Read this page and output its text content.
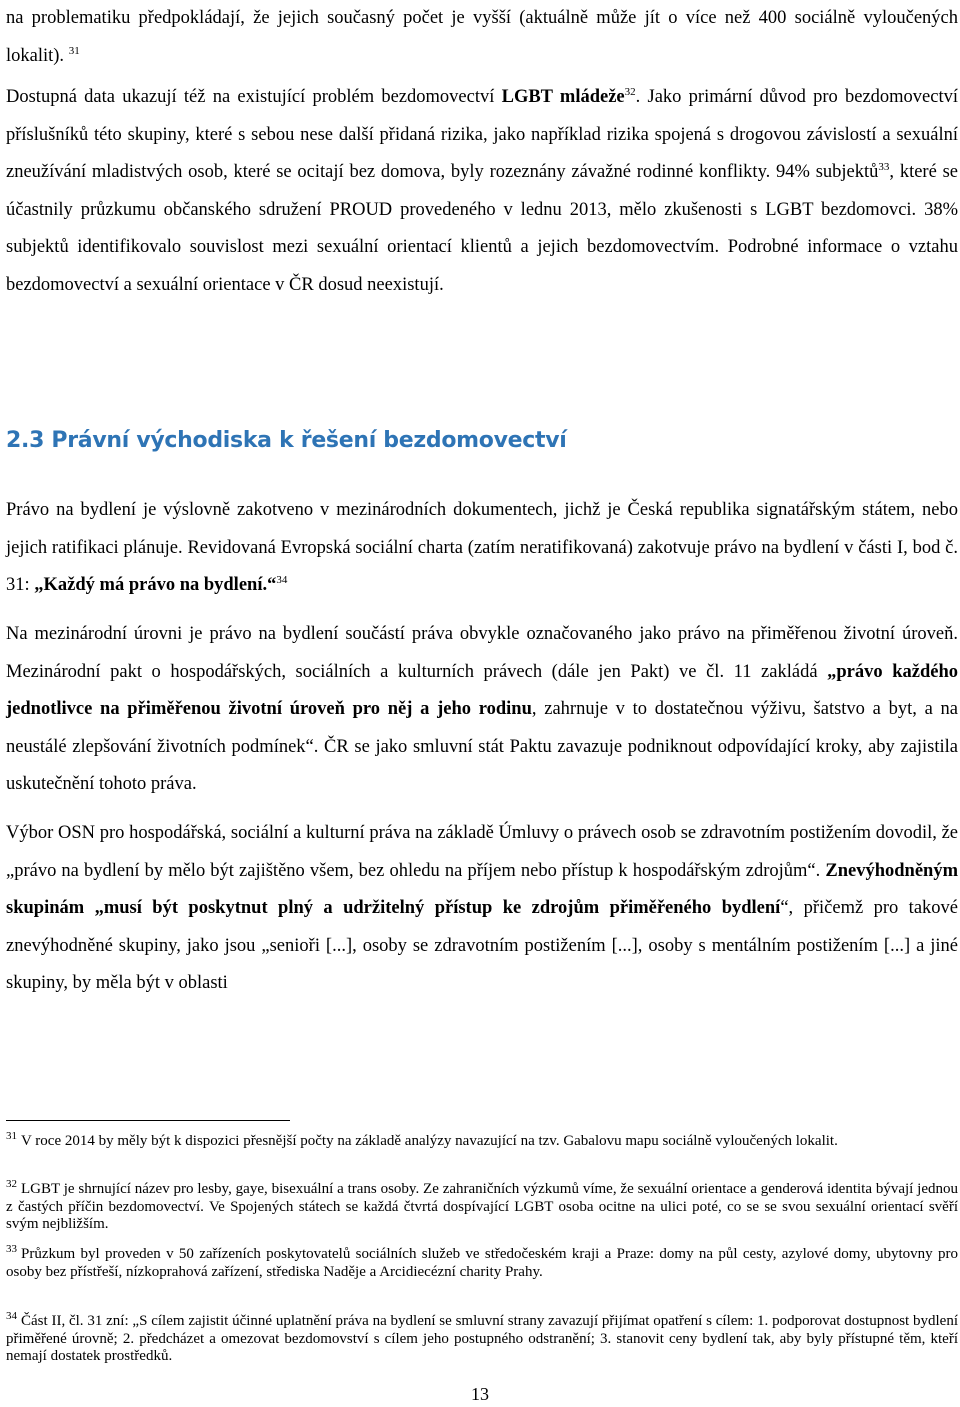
na problematiku předpokládají, že jejich současný počet je vyšší (aktuálně může jít o více než 400 sociálně vyloučených lokalit). $^{31}$

Dostupná data ukazují též na existující problém bezdomovectví LGBT mládeže$^{32}$. Jako primární důvod pro bezdomovectví příslušníků této skupiny, které s sebou nese další přidaná rizika, jako například rizika spojená s drogovou závislostí a sexuální zneužívání mladistvých osob, které se ocitají bez domova, byly rozeznány závažné rodinné konflikty. 94% subjektů$^{33}$, které se účastnily průzkumu občanského sdružení PROUD provedeného v lednu 2013, mělo zkušenosti s LGBT bezdomovci. 38% subjektů identifikovalo souvislost mezi sexuální orientací klientů a jejich bezdomovectvím. Podrobné informace o vztahu bezdomovectví a sexuální orientace v ČR dosud neexistují.

2.3 Právní východiska k řešení bezdomovectví

Právo na bydlení je výslovně zakotveno v mezinárodních dokumentech, jichž je Česká republika signatářským státem, nebo jejich ratifikaci plánuje. Revidovaná Evropská sociální charta (zatím neratifikovaná) zakotvuje právo na bydlení v části I, bod č. 31: „Každý má právo na bydlení.“$^{34}$

Na mezinárodní úrovni je právo na bydlení součástí práva obvykle označovaného jako právo na přiměřenou životní úroveň. Mezinárodní pakt o hospodářských, sociálních a kulturních právech (dále jen Pakt) ve čl. 11 zakládá „právo každého jednotlivce na přiměřenou životní úroveň pro něj a jeho rodinu, zahrnuje v to dostatečnou výživu, šatstvo a byt, a na neustálé zlepšování životních podmínek“. ČR se jako smluvní stát Paktu zavazuje podniknout odpovídající kroky, aby zajistila uskutečnění tohoto práva.

Výbor OSN pro hospodářská, sociální a kulturní práva na základě Úmluvy o právech osob se zdravotním postižením dovodil, že „právo na bydlení by mělo být zajištěno všem, bez ohledu na příjem nebo přístup k hospodářským zdrojům“. Znevýhodněným skupinám „musí být poskytnut plný a udržitelný přístup ke zdrojům přiměřeného bydlení“, přičemž pro takové znevýhodněné skupiny, jako jsou „senioři [...], osoby se zdravotním postižením [...], osoby s mentálním postižením [...] a jiné skupiny, by měla být v oblasti

$^{31}$ V roce 2014 by měly být k dispozici přesnější počty na základě analýzy navazující na tzv. Gabalovu mapu sociálně vyloučených lokalit.

$^{32}$ LGBT je shrnující název pro lesby, gaye, bisexuální a trans osoby. Ze zahraničních výzkumů víme, že sexuální orientace a genderová identita bývají jednou z častých příčin bezdomovectví. Ve Spojených státech se každá čtvrtá dospívající LGBT osoba ocitne na ulici poté, co se se svou sexuální orientací svěří svým nejbližším.

$^{33}$ Průzkum byl proveden v 50 zařízeních poskytovatelů sociálních služeb ve středočeském kraji a Praze: domy na půl cesty, azylové domy, ubytovny pro osoby bez přístřeší, nízkoprahová zařízení, střediska Naděje a Arcidiecézní charity Prahy.

$^{34}$ Část II, čl. 31 zní: „S cílem zajistit účinné uplatnění práva na bydlení se smluvní strany zavazují přijímat opatření s cílem: 1. podporovat dostupnost bydlení přiměřené úrovně; 2. předcházet a omezovat bezdomovství s cílem jeho postupného odstranění; 3. stanovit ceny bydlení tak, aby byly přístupné těm, kteří nemají dostatek prostředků.

13
